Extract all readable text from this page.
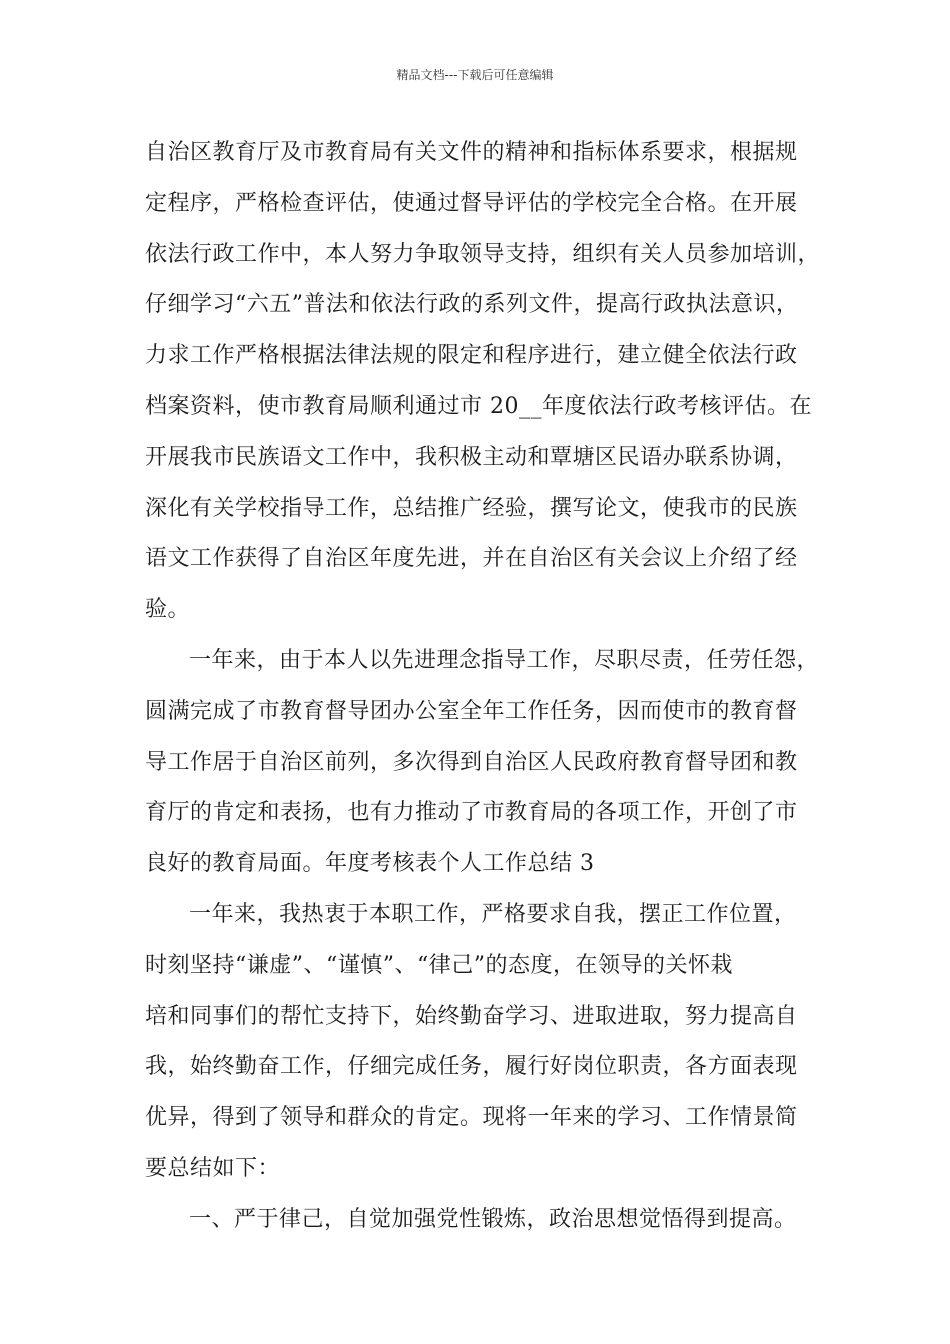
精品文档---下载后可任意编辑
自治区教育厅及市教育局有关文件的精神和指标体系要求，根据规
定程序，严格检查评估，使通过督导评估的学校完全合格。在开展
依法行政工作中，本人努力争取领导支持，组织有关人员参加培训，
仔细学习“六五”普法和依法行政的系列文件，提高行政执法意识，
力求工作严格根据法律法规的限定和程序进行，建立健全依法行政
档案资料，使市教育局顺利通过市 20__年度依法行政考核评估。在
开展我市民族语文工作中，我积极主动和覃塘区民语办联系协调，
深化有关学校指导工作，总结推广经验，撰写论文，使我市的民族
语文工作获得了自治区年度先进，并在自治区有关会议上介绍了经
验。
一年来，由于本人以先进理念指导工作，尽职尽责，任劳任怨，
圆满完成了市教育督导团办公室全年工作任务，因而使市的教育督
导工作居于自治区前列，多次得到自治区人民政府教育督导团和教
育厅的肯定和表扬，也有力推动了市教育局的各项工作，开创了市
良好的教育局面。年度考核表个人工作总结 3
一年来，我热衷于本职工作，严格要求自我，摆正工作位置，
时刻坚持“谦虚”、“谨慎”、“律己”的态度，在领导的关怀栽
培和同事们的帮忙支持下，始终勤奋学习、进取进取，努力提高自
我，始终勤奋工作，仔细完成任务，履行好岗位职责，各方面表现
优异，得到了领导和群众的肯定。现将一年来的学习、工作情景简
要总结如下：
一、严于律己，自觉加强党性锻炼，政治思想觉悟得到提高。
